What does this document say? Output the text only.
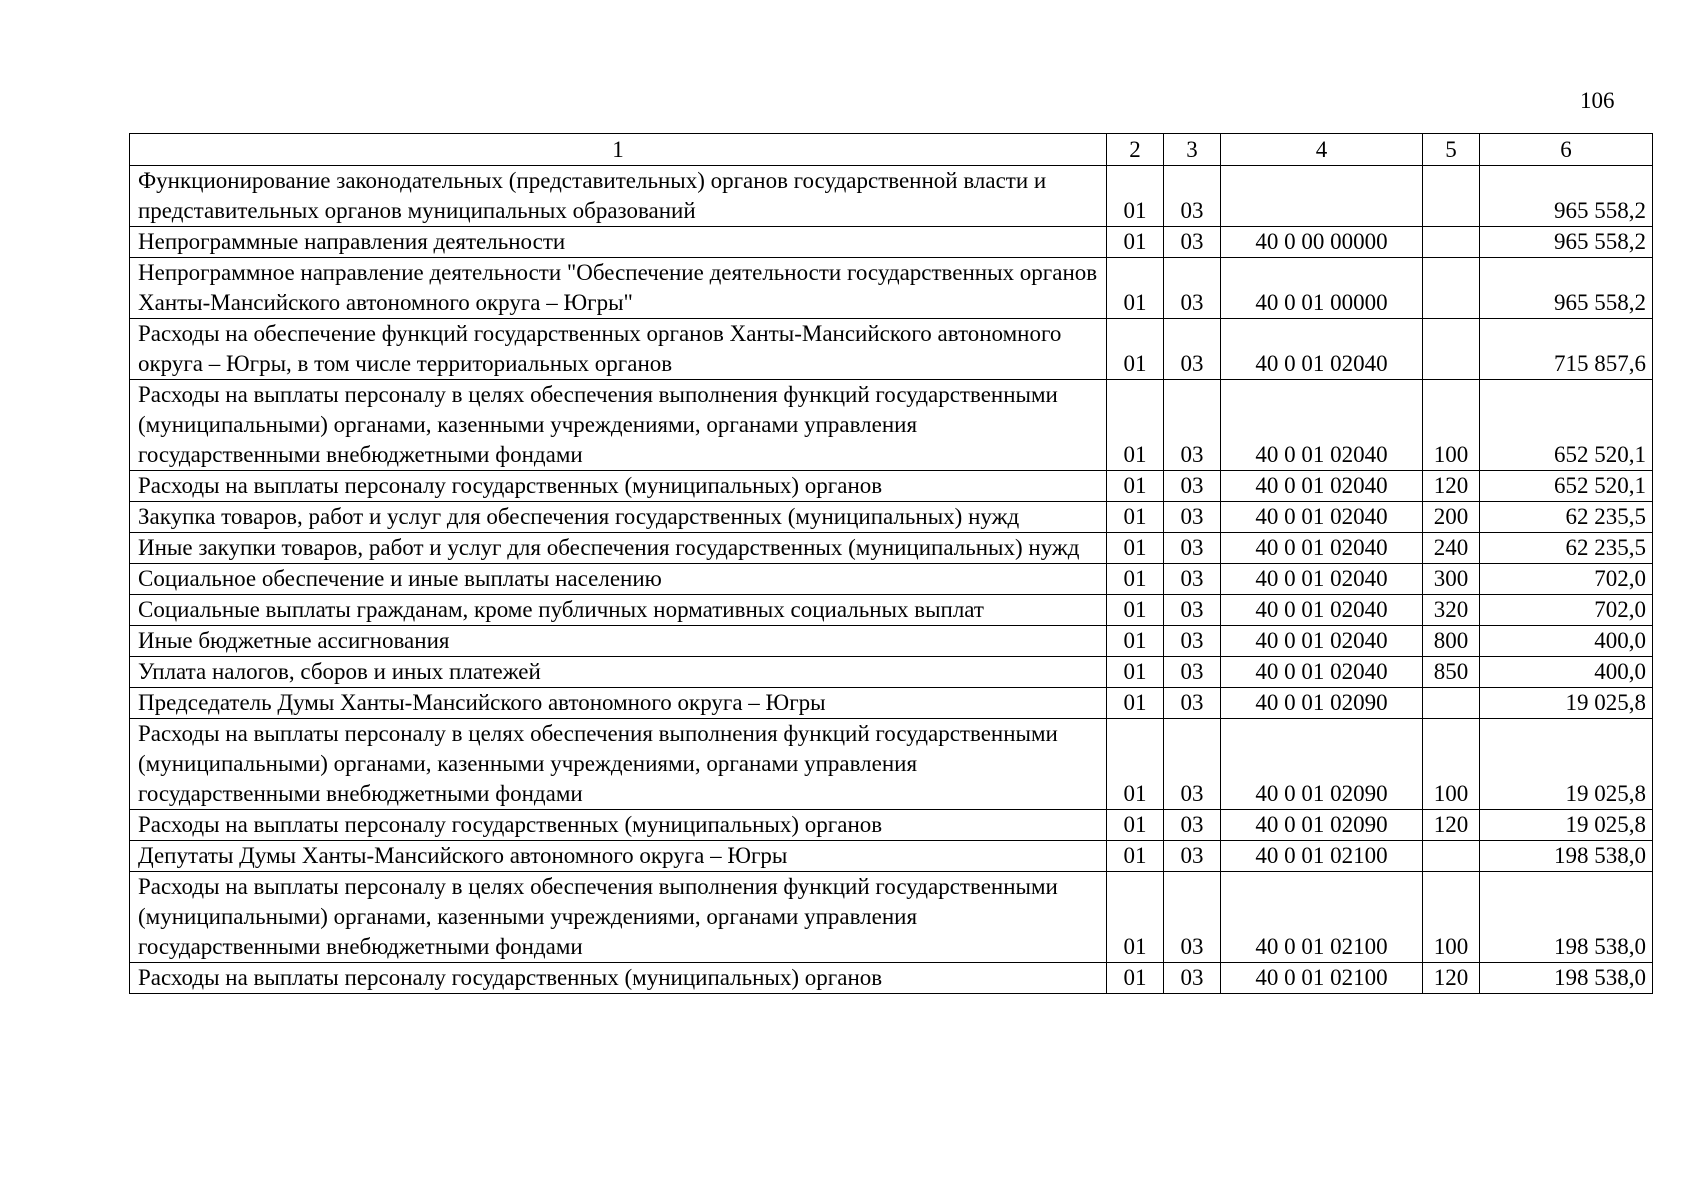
106
1	2	3	4	5	6
Функционирование законодательных (представительных) органов государственной власти и представительных органов муниципальных образований	01	03			965 558,2
Непрограммные направления деятельности	01	03	40 0 00 00000		965 558,2
Непрограммное направление деятельности "Обеспечение деятельности государственных органов Ханты-Мансийского автономного округа – Югры"	01	03	40 0 01 00000		965 558,2
Расходы на обеспечение функций государственных органов Ханты-Мансийского автономного округа – Югры, в том числе территориальных органов	01	03	40 0 01 02040		715 857,6
Расходы на выплаты персоналу в целях обеспечения выполнения функций государственными (муниципальными) органами, казенными учреждениями, органами управления государственными внебюджетными фондами	01	03	40 0 01 02040	100	652 520,1
Расходы на выплаты персоналу государственных (муниципальных) органов	01	03	40 0 01 02040	120	652 520,1
Закупка товаров, работ и услуг для обеспечения государственных (муниципальных) нужд	01	03	40 0 01 02040	200	62 235,5
Иные закупки товаров, работ и услуг для обеспечения государственных (муниципальных) нужд	01	03	40 0 01 02040	240	62 235,5
Социальное обеспечение и иные выплаты населению	01	03	40 0 01 02040	300	702,0
Социальные выплаты гражданам, кроме публичных нормативных социальных выплат	01	03	40 0 01 02040	320	702,0
Иные бюджетные ассигнования	01	03	40 0 01 02040	800	400,0
Уплата налогов, сборов и иных платежей	01	03	40 0 01 02040	850	400,0
Председатель Думы Ханты-Мансийского автономного округа – Югры	01	03	40 0 01 02090		19 025,8
Расходы на выплаты персоналу в целях обеспечения выполнения функций государственными (муниципальными) органами, казенными учреждениями, органами управления государственными внебюджетными фондами	01	03	40 0 01 02090	100	19 025,8
Расходы на выплаты персоналу государственных (муниципальных) органов	01	03	40 0 01 02090	120	19 025,8
Депутаты Думы Ханты-Мансийского автономного округа – Югры	01	03	40 0 01 02100		198 538,0
Расходы на выплаты персоналу в целях обеспечения выполнения функций государственными (муниципальными) органами, казенными учреждениями, органами управления государственными внебюджетными фондами	01	03	40 0 01 02100	100	198 538,0
Расходы на выплаты персоналу государственных (муниципальных) органов	01	03	40 0 01 02100	120	198 538,0
